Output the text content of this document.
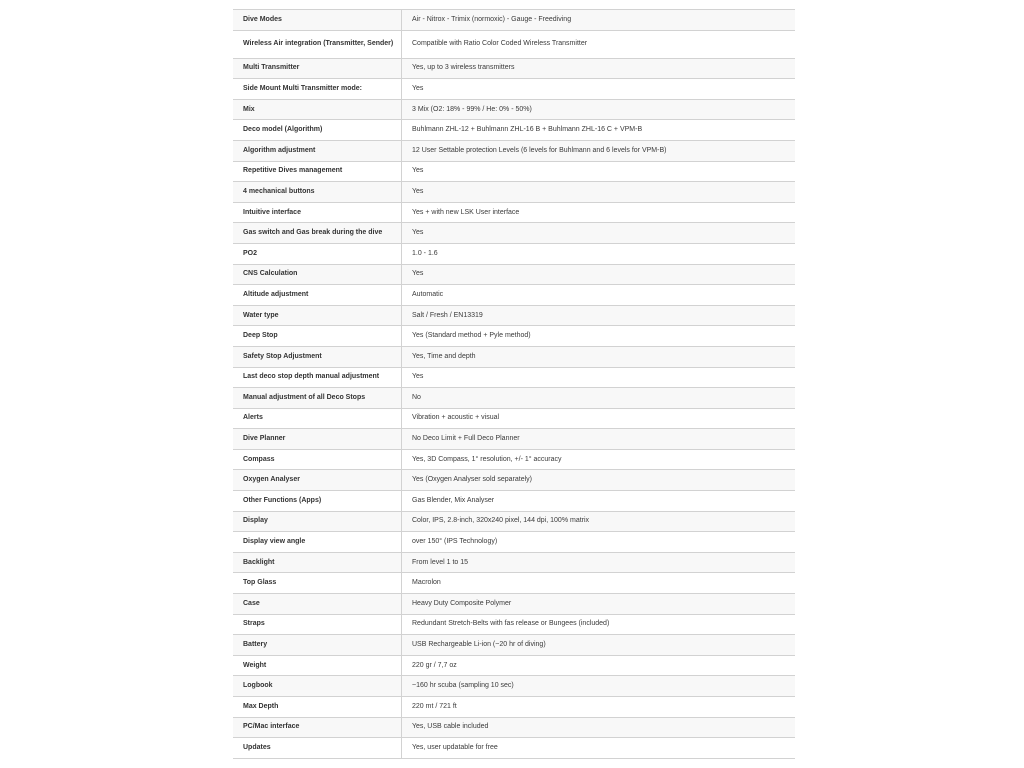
Dive Modes	Air - Nitrox - Trimix (normoxic) - Gauge - Freediving
Wireless Air integration (Transmitter, Sender)	Compatible with Ratio Color Coded Wireless Transmitter
Multi Transmitter	Yes, up to 3 wireless transmitters
Side Mount Multi Transmitter mode:	Yes
Mix	3 Mix (O2: 18% - 99% / He: 0% - 50%)
Deco model (Algorithm)	Buhlmann ZHL-12 + Buhlmann ZHL-16 B + Buhlmann ZHL-16 C + VPM-B
Algorithm adjustment	12 User Settable protection Levels (6 levels for Buhlmann and 6 levels for VPM-B)
Repetitive Dives management	Yes
4 mechanical buttons	Yes
Intuitive interface	Yes + with new LSK User interface
Gas switch and Gas break during the dive	Yes
PO2	1.0 - 1.6
CNS Calculation	Yes
Altitude adjustment	Automatic
Water type	Salt / Fresh / EN13319
Deep Stop	Yes (Standard method + Pyle method)
Safety Stop Adjustment	Yes, Time and depth
Last deco stop depth manual adjustment	Yes
Manual adjustment of all Deco Stops	No
Alerts	Vibration + acoustic + visual
Dive Planner	No Deco Limit + Full Deco Planner
Compass	Yes, 3D Compass, 1° resolution, +/- 1° accuracy
Oxygen Analyser	Yes (Oxygen Analyser sold separately)
Other Functions (Apps)	Gas Blender, Mix Analyser
Display	Color, IPS, 2.8-inch, 320x240 pixel, 144 dpi, 100% matrix
Display view angle	over 150° (IPS Technology)
Backlight	From level 1 to 15
Top Glass	Macrolon
Case	Heavy Duty Composite Polymer
Straps	Redundant Stretch-Belts with fas release or Bungees (included)
Battery	USB Rechargeable Li-ion (~20 hr of diving)
Weight	220 gr / 7,7 oz
Logbook	~160 hr scuba (sampling 10 sec)
Max Depth	220 mt / 721 ft
PC/Mac interface	Yes, USB cable included
Updates	Yes, user updatable for free
